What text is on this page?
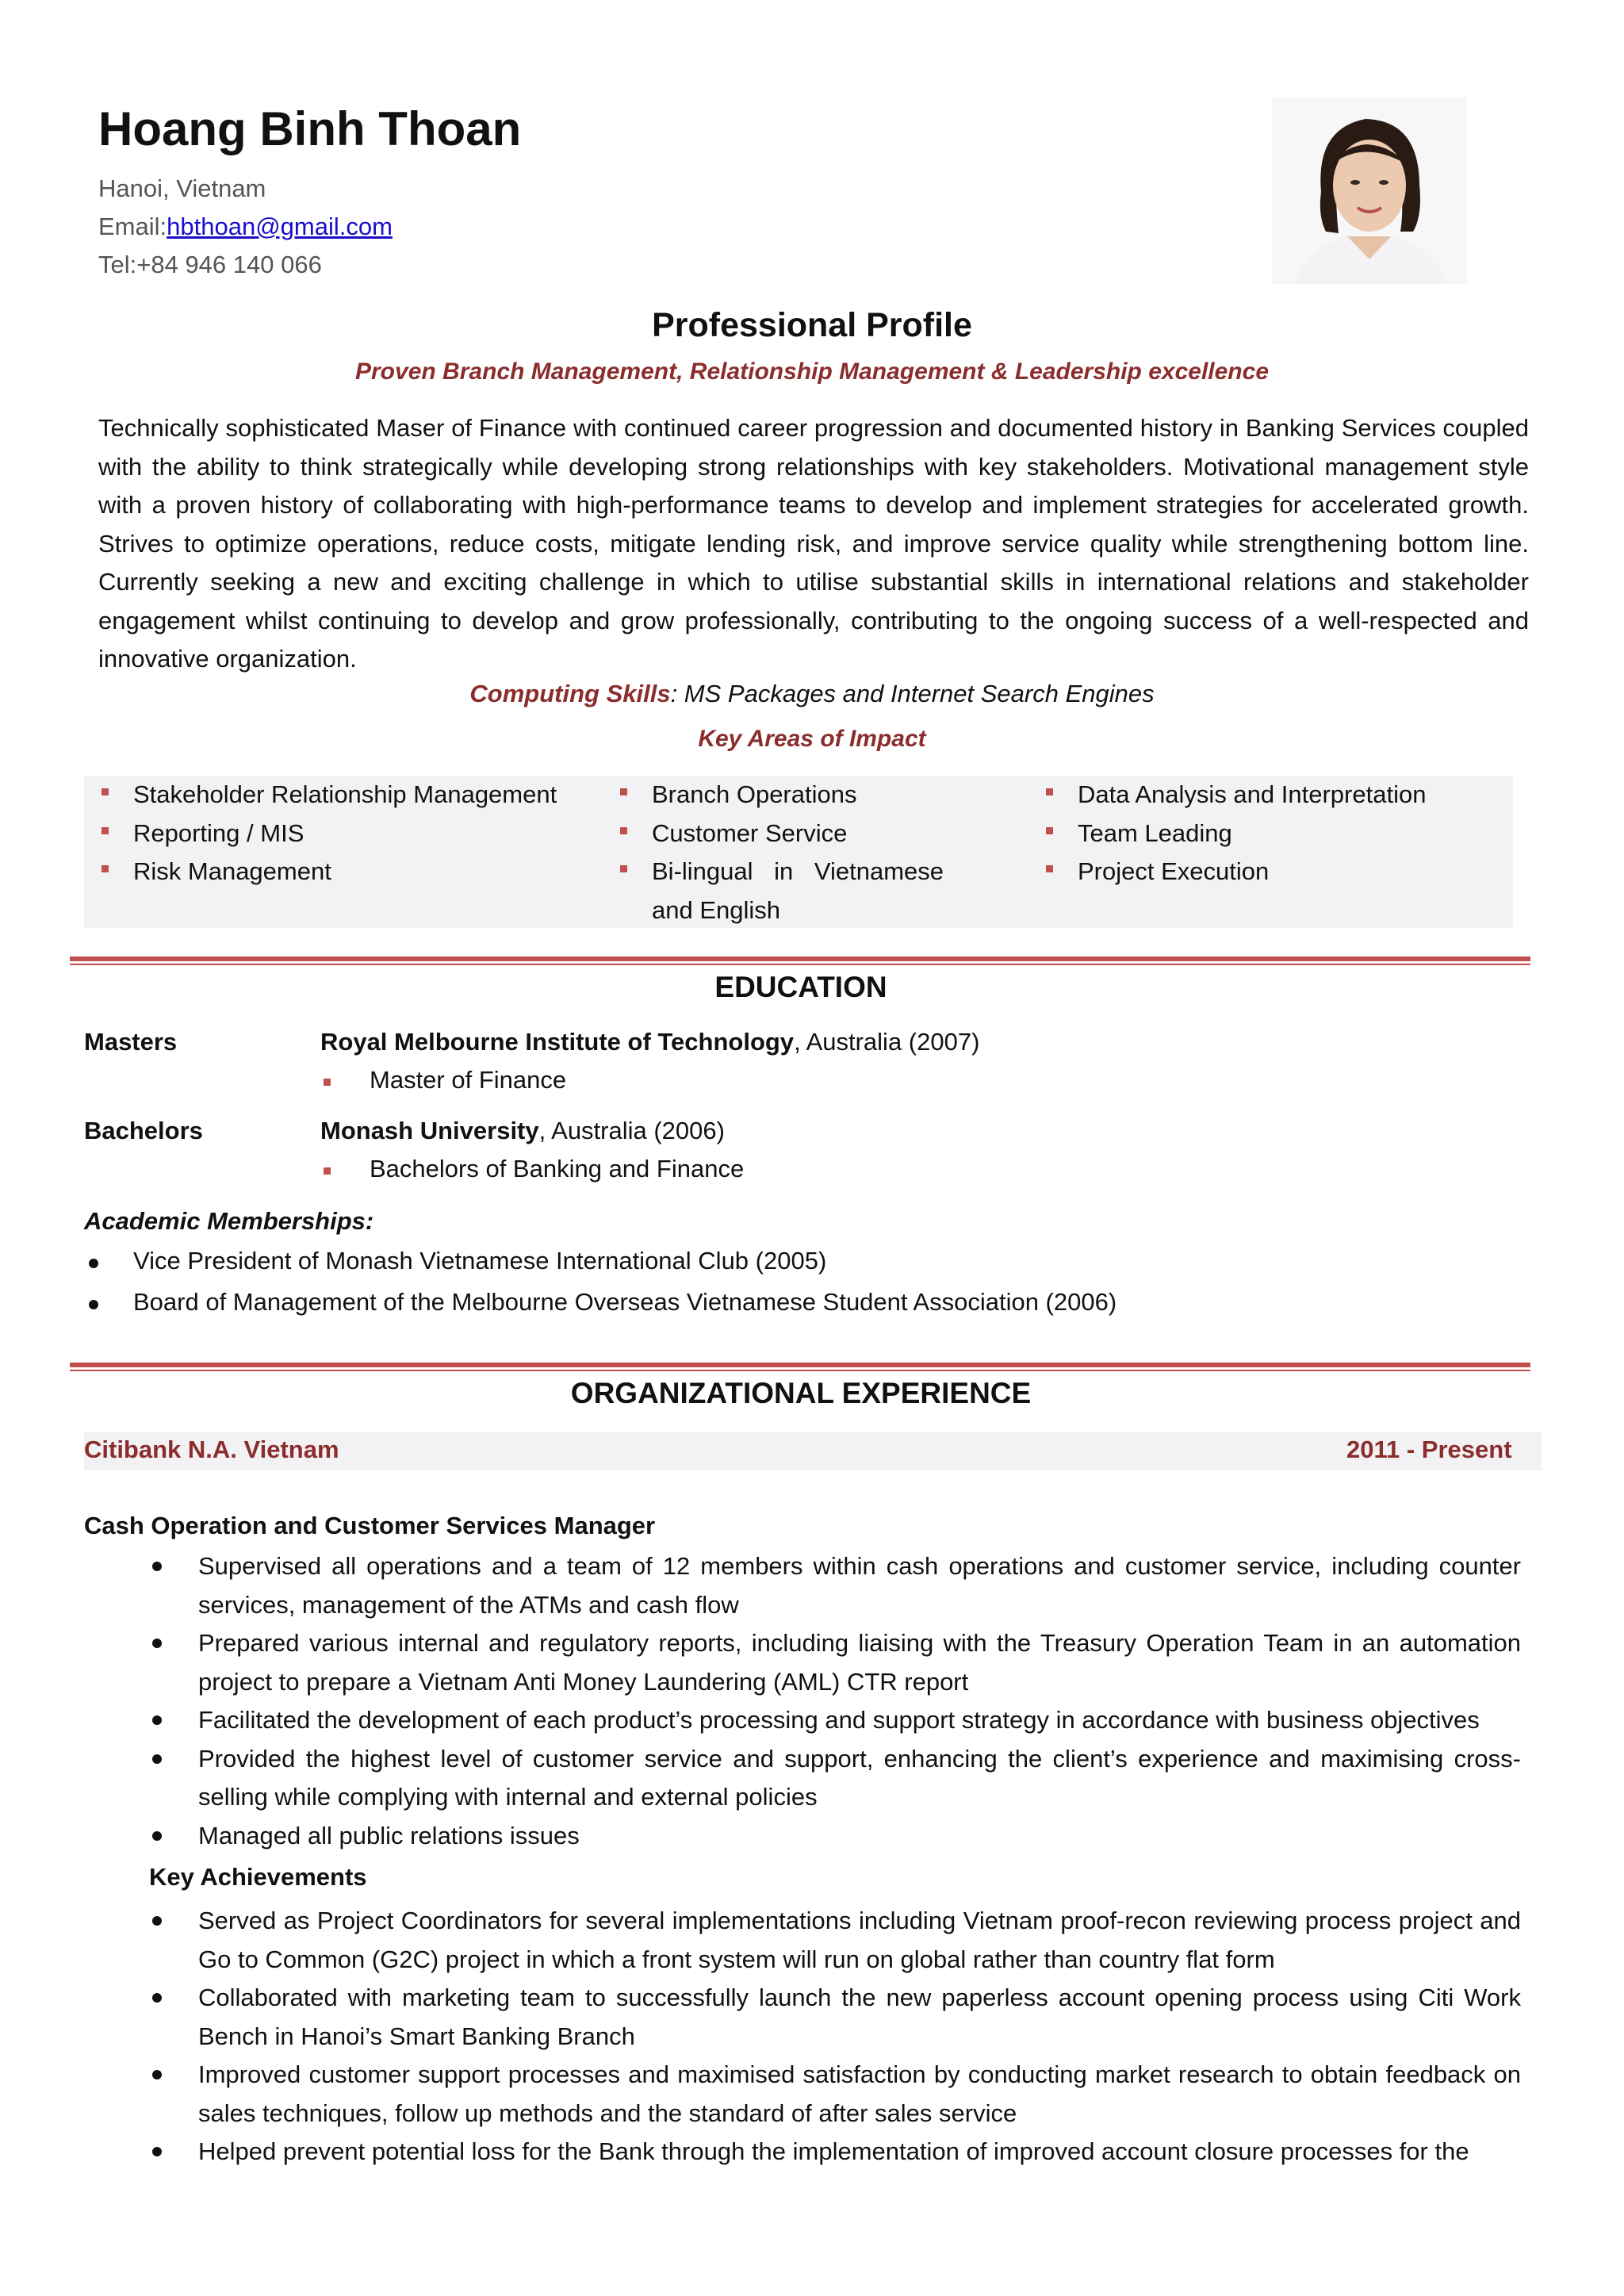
Hoang Binh Thoan
Hanoi, Vietnam
Email:hbthoan@gmail.com
Tel:+84 946 140 066
Professional Profile
Proven Branch Management, Relationship Management & Leadership excellence
Technically sophisticated Maser of Finance with continued career progression and documented history in Banking Services coupled with the ability to think strategically while developing strong relationships with key stakeholders. Motivational management style with a proven history of collaborating with high-performance teams to develop and implement strategies for accelerated growth. Strives to optimize operations, reduce costs, mitigate lending risk, and improve service quality while strengthening bottom line. Currently seeking a new and exciting challenge in which to utilise substantial skills in international relations and stakeholder engagement whilst continuing to develop and grow professionally, contributing to the ongoing success of a well-respected and innovative organization.
Computing Skills: MS Packages and Internet Search Engines
Key Areas of Impact
Stakeholder Relationship Management
Reporting / MIS
Risk Management
Branch Operations
Customer Service
Bi-lingual in Vietnamese and English
Data Analysis and Interpretation
Team Leading
Project Execution
EDUCATION
Masters	Royal Melbourne Institute of Technology, Australia (2007)
Master of Finance
Bachelors	Monash University, Australia (2006)
Bachelors of Banking and Finance
Academic Memberships:
Vice President of Monash Vietnamese International Club (2005)
Board of Management of the Melbourne Overseas Vietnamese Student Association (2006)
ORGANIZATIONAL EXPERIENCE
Citibank N.A. Vietnam	2011 - Present
Cash Operation and Customer Services Manager
Supervised all operations and a team of 12 members within cash operations and customer service, including counter services, management of the ATMs and cash flow
Prepared various internal and regulatory reports, including liaising with the Treasury Operation Team in an automation project to prepare a Vietnam Anti Money Laundering (AML) CTR report
Facilitated the development of each product’s processing and support strategy in accordance with business objectives
Provided the highest level of customer service and support, enhancing the client’s experience and maximising cross-selling while complying with internal and external policies
Managed all public relations issues
Key Achievements
Served as Project Coordinators for several implementations including Vietnam proof-recon reviewing process project and Go to Common (G2C) project in which a front system will run on global rather than country flat form
Collaborated with marketing team to successfully launch the new paperless account opening process using Citi Work Bench in Hanoi’s Smart Banking Branch
Improved customer support processes and maximised satisfaction by conducting market research to obtain feedback on sales techniques, follow up methods and the standard of after sales service
Helped prevent potential loss for the Bank through the implementation of improved account closure processes for the
